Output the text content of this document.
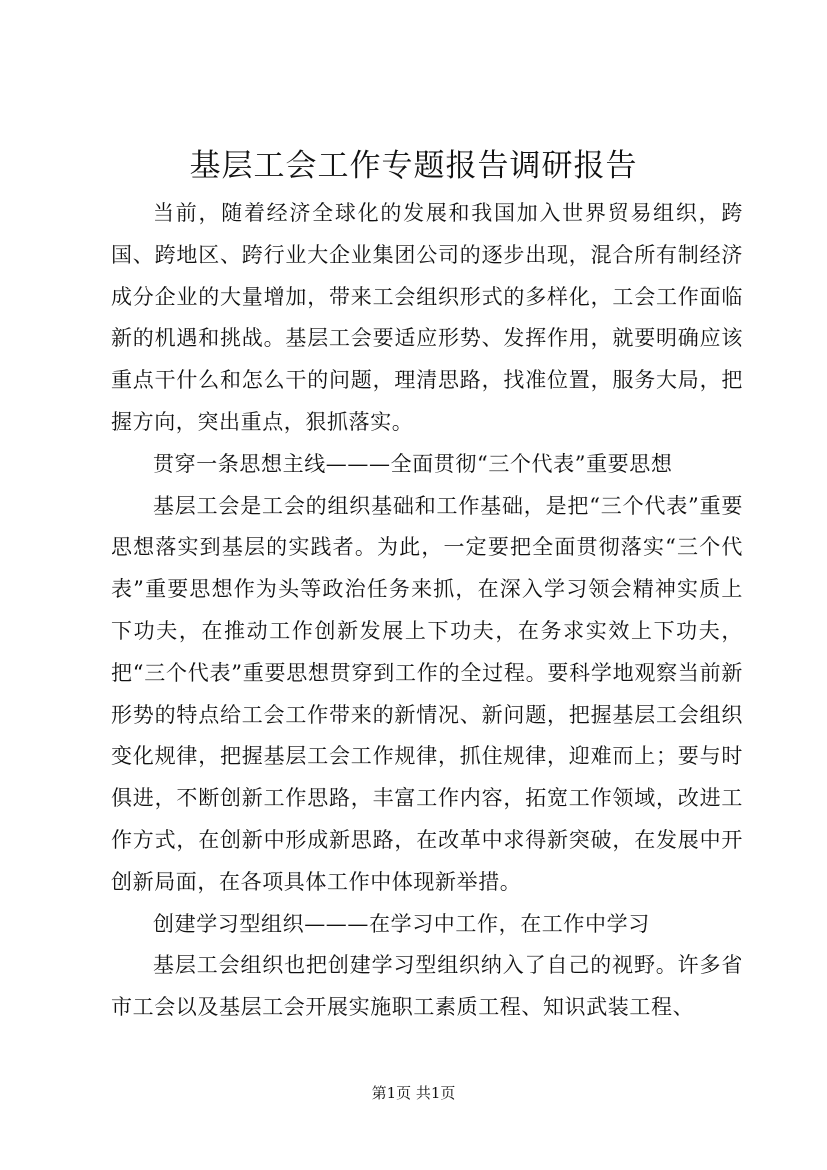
基层工会工作专题报告调研报告

当前，随着经济全球化的发展和我国加入世界贸易组织，跨国、跨地区、跨行业大企业集团公司的逐步出现，混合所有制经济成分企业的大量增加，带来工会组织形式的多样化，工会工作面临新的机遇和挑战。基层工会要适应形势、发挥作用，就要明确应该重点干什么和怎么干的问题，理清思路，找准位置，服务大局，把握方向，突出重点，狠抓落实。

贯穿一条思想主线———全面贯彻“三个代表”重要思想

基层工会是工会的组织基础和工作基础，是把“三个代表”重要思想落实到基层的实践者。为此，一定要把全面贯彻落实“三个代表”重要思想作为头等政治任务来抓，在深入学习领会精神实质上下功夫，在推动工作创新发展上下功夫，在务求实效上下功夫，把“三个代表”重要思想贯穿到工作的全过程。要科学地观察当前新形势的特点给工会工作带来的新情况、新问题，把握基层工会组织变化规律，把握基层工会工作规律，抓住规律，迎难而上；要与时俱进，不断创新工作思路，丰富工作内容，拓宽工作领域，改进工作方式，在创新中形成新思路，在改革中求得新突破，在发展中开创新局面，在各项具体工作中体现新举措。

创建学习型组织———在学习中工作，在工作中学习

基层工会组织也把创建学习型组织纳入了自己的视野。许多省市工会以及基层工会开展实施职工素质工程、知识武装工程、

第1页 共1页
